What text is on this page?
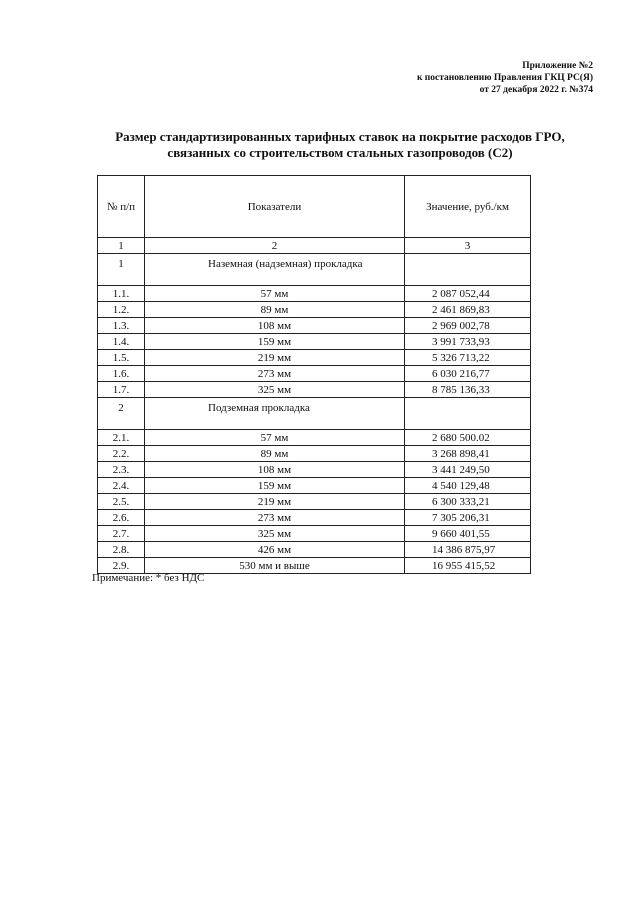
Приложение №2
к постановлению Правления ГКЦ РС(Я)
от 27 декабря 2022 г. №374
Размер стандартизированных тарифных ставок на покрытие расходов ГРО,
связанных со строительством стальных газопроводов (С2)
№ п/п	Показатели	Значение, руб./км
1	2	3
1	Наземная (надземная) прокладка	
1.1.	57 мм	2 087 052,44
1.2.	89 мм	2 461 869,83
1.3.	108 мм	2 969 002,78
1.4.	159 мм	3 991 733,93
1.5.	219 мм	5 326 713,22
1.6.	273 мм	6 030 216,77
1.7.	325 мм	8 785 136,33
2	Подземная прокладка	
2.1.	57 мм	2 680 500.02
2.2.	89 мм	3 268 898,41
2.3.	108 мм	3 441 249,50
2.4.	159 мм	4 540 129,48
2.5.	219 мм	6 300 333,21
2.6.	273 мм	7 305 206,31
2.7.	325 мм	9 660 401,55
2.8.	426 мм	14 386 875,97
2.9.	530 мм и выше	16 955 415,52
Примечание: * без НДС
